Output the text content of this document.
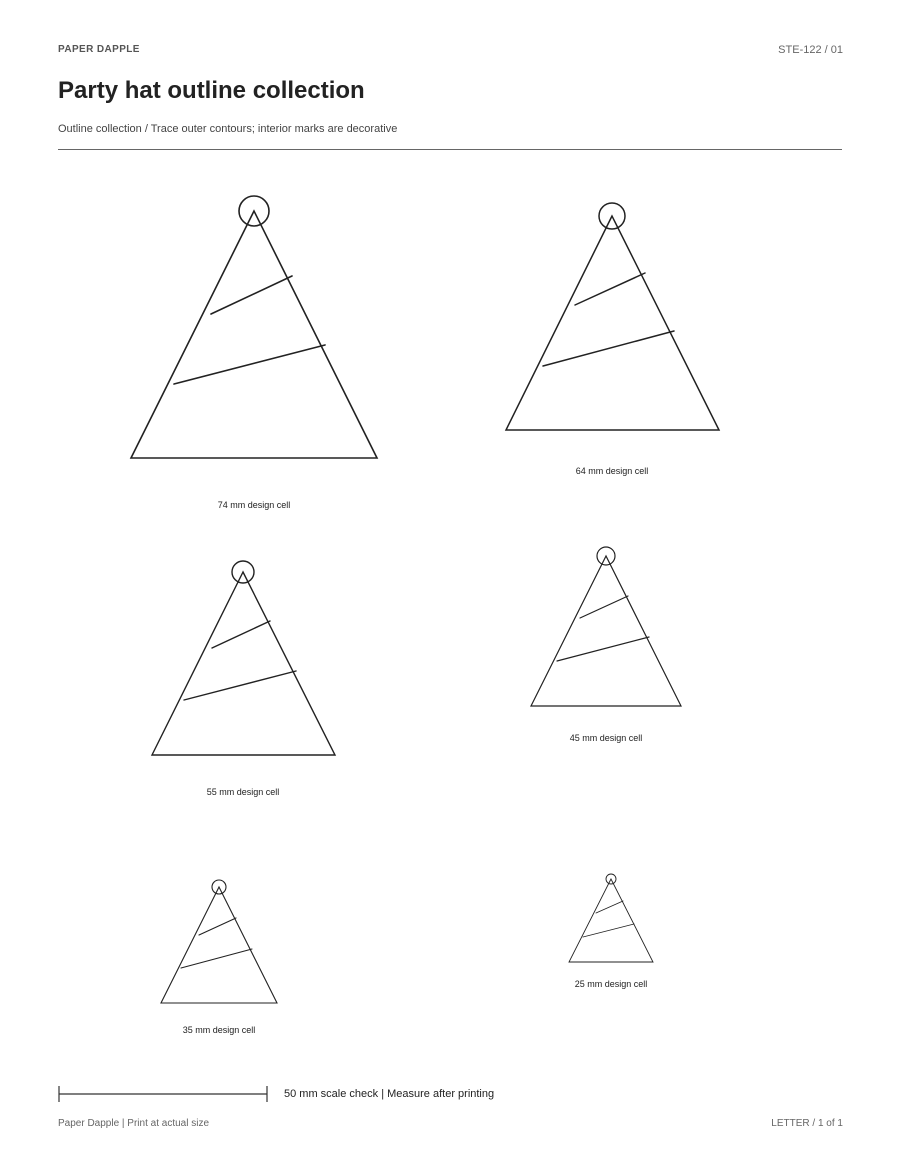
PAPER DAPPLE	STE-122 / 01
Party hat outline collection
Outline collection / Trace outer contours; interior marks are decorative
74 mm design cell
64 mm design cell
55 mm design cell
45 mm design cell
35 mm design cell
25 mm design cell
50 mm scale check | Measure after printing
Paper Dapple | Print at actual size	LETTER / 1 of 1
